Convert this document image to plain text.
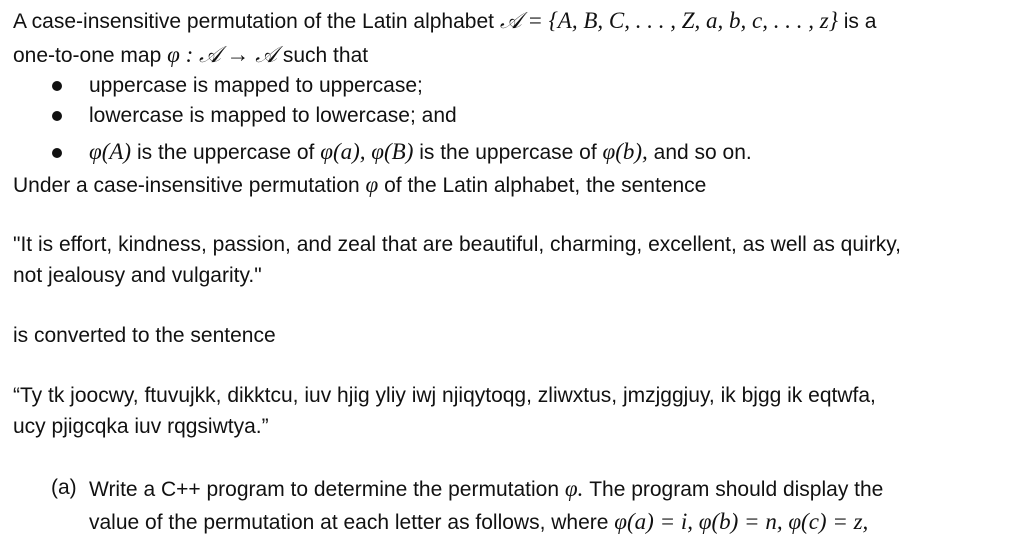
A case-insensitive permutation of the Latin alphabet 𝒜 = {A, B, C, . . . , Z, a, b, c, . . . , z} is a
one-to-one map φ : 𝒜 → 𝒜 such that
uppercase is mapped to uppercase;
lowercase is mapped to lowercase; and
φ(A) is the uppercase of φ(a), φ(B) is the uppercase of φ(b), and so on.
Under a case-insensitive permutation φ of the Latin alphabet, the sentence
"It is effort, kindness, passion, and zeal that are beautiful, charming, excellent, as well as quirky,
not jealousy and vulgarity."
is converted to the sentence
“Ty tk joocwy, ftuvujkk, dikktcu, iuv hjig yliy iwj njiqytoqg, zliwxtus, jmzjggjuy, ik bjgg ik eqtwfa,
ucy pjigcqka iuv rqgsiwtya.”
(a) Write a C++ program to determine the permutation φ. The program should display the
value of the permutation at each letter as follows, where φ(a) = i, φ(b) = n, φ(c) = z,
